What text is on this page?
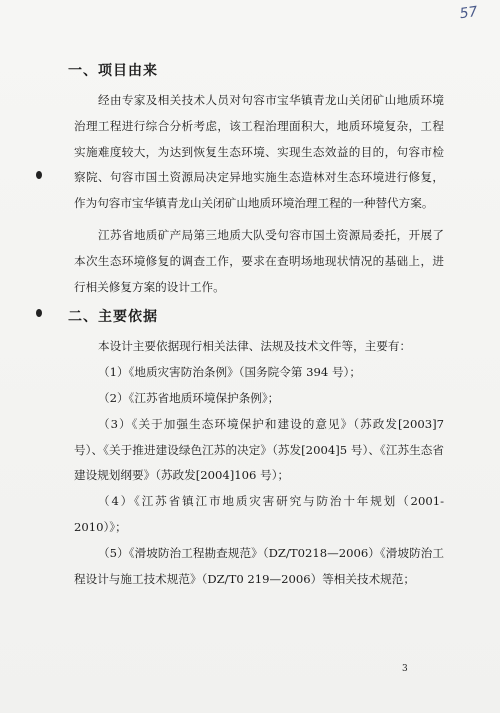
57
一、项目由来

经由专家及相关技术人员对句容市宝华镇青龙山关闭矿山地质环境治理工程进行综合分析考虑，该工程治理面积大，地质环境复杂，工程实施难度较大，为达到恢复生态环境、实现生态效益的目的，句容市检察院、句容市国土资源局决定异地实施生态造林对生态环境进行修复，作为句容市宝华镇青龙山关闭矿山地质环境治理工程的一种替代方案。

江苏省地质矿产局第三地质大队受句容市国土资源局委托，开展了本次生态环境修复的调查工作，要求在查明场地现状情况的基础上，进行相关修复方案的设计工作。

二、主要依据

本设计主要依据现行相关法律、法规及技术文件等，主要有：

（1）《地质灾害防治条例》（国务院令第 394 号）；

（2）《江苏省地质环境保护条例》；

（3）《关于加强生态环境保护和建设的意见》（苏政发[2003]7号）、《关于推进建设绿色江苏的决定》（苏发[2004]5 号）、《江苏生态省建设规划纲要》（苏政发[2004]106 号）；

（4）《江苏省镇江市地质灾害研究与防治十年规划（2001-2010）》；

（5）《滑坡防治工程勘查规范》（DZ/T0218—2006）《滑坡防治工程设计与施工技术规范》（DZ/T0 219—2006）等相关技术规范；

3
